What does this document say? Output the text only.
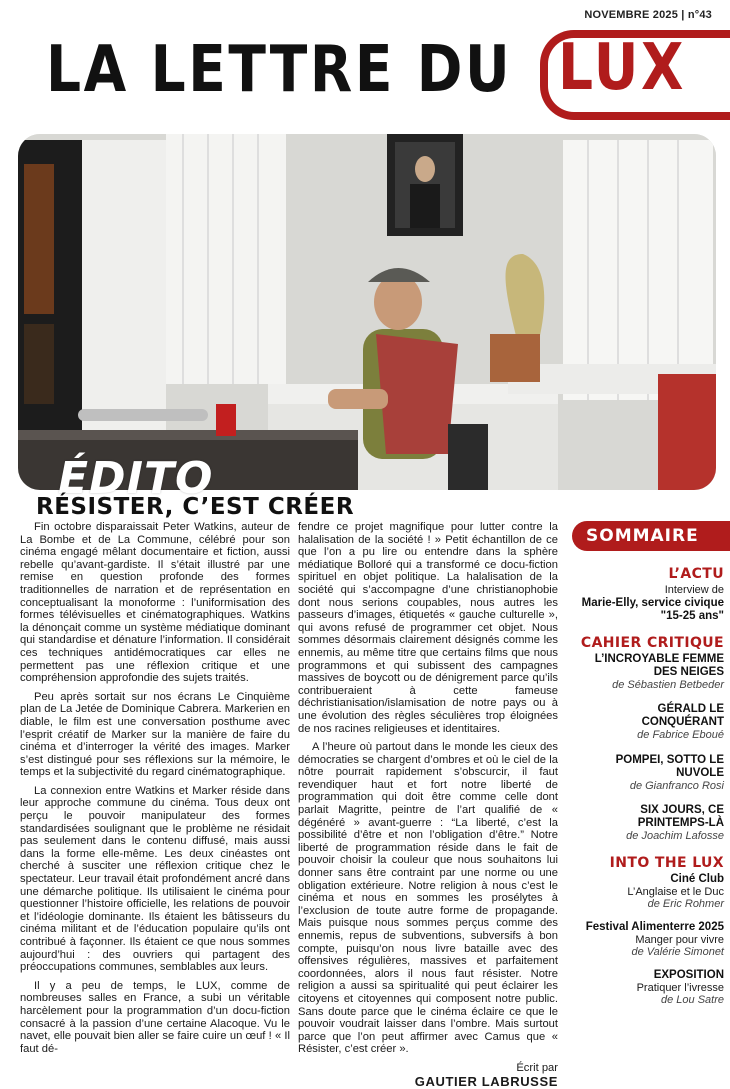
NOVEMBRE 2025 | n°43
LA LETTRE DU LUX
ÉDITO
RÉSISTER, C’EST CRÉER

Fin octobre disparaissait Peter Watkins, auteur de La Bombe et de La Commune, célébré pour son cinéma engagé mêlant documentaire et fiction, aussi rebelle qu’avant-gardiste. Il s’était illustré par une remise en question profonde des formes traditionnelles de narration et de représentation en conceptualisant la monoforme : l’uniformisation des formes télévisuelles et cinématographiques. Watkins la dénonçait comme un système médiatique dominant qui standardise et dénature l’information. Il considérait ces techniques antidémocratiques car elles ne permettent pas une réflexion critique et une compréhension approfondie des sujets traités.

Peu après sortait sur nos écrans Le Cinquième plan de La Jetée de Dominique Cabrera. Markerien en diable, le film est une conversation posthume avec l’esprit créatif de Marker sur la manière de faire du cinéma et d’interroger la vérité des images. Marker s’est distingué pour ses réflexions sur la mémoire, le temps et la subjectivité du regard cinématographique.

La connexion entre Watkins et Marker réside dans leur approche commune du cinéma. Tous deux ont perçu le pouvoir manipulateur des formes standardisées soulignant que le problème ne résidait pas seulement dans le contenu diffusé, mais aussi dans la forme elle-même. Les deux cinéastes ont cherché à susciter une réflexion critique chez le spectateur. Leur travail était profondément ancré dans une démarche politique. Ils utilisaient le cinéma pour questionner l’histoire officielle, les relations de pouvoir et l’idéologie dominante. Ils étaient les bâtisseurs du cinéma militant et de l’éducation populaire qu’ils ont contribué à façonner. Ils étaient ce que nous sommes aujourd’hui : des ouvriers qui partagent des préoccupations communes, semblables aux leurs.

Il y a peu de temps, le LUX, comme de nombreuses salles en France, a subi un véritable harcèlement pour la programmation d’un docu-fiction consacré à la passion d’une certaine Alacoque. Vu le navet, elle pouvait bien aller se faire cuire un œuf ! « Il faut dé-

fendre ce projet magnifique pour lutter contre la halalisation de la société ! » Petit échantillon de ce que l’on a pu lire ou entendre dans la sphère médiatique Bolloré qui a transformé ce docu-fiction spirituel en objet politique. La halalisation de la société qui s’accompagne d’une christianophobie dont nous serions coupables, nous autres les passeurs d’images, étiquetés « gauche culturelle », qui avons refusé de programmer cet objet. Nous sommes désormais clairement désignés comme les ennemis, au même titre que certains films que nous programmons et qui subissent des campagnes massives de boycott ou de dénigrement parce qu’ils contribueraient à cette fameuse déchristianisation/islamisation de notre pays ou à une évolution des règles séculières trop éloignées de nos racines religieuses et identitaires.

A l’heure où partout dans le monde les cieux des démocraties se chargent d’ombres et où le ciel de la nôtre pourrait rapidement s’obscurcir, il faut revendiquer haut et fort notre liberté de programmation qui doit être comme celle dont parlait Magritte, peintre de l’art qualifié de « dégénéré » avant-guerre : “La liberté, c’est la possibilité d’être et non l’obligation d’être.” Notre liberté de programmation réside dans le fait de pouvoir choisir la couleur que nous souhaitons lui donner sans être contraint par une norme ou une obligation extérieure. Notre religion à nous c’est le cinéma et nous en sommes les prosélytes à l’exclusion de toute autre forme de propagande. Mais puisque nous sommes perçus comme des ennemis, repus de subventions, subversifs à bon compte, puisqu’on nous livre bataille avec des offensives régulières, massives et parfaitement coordonnées, alors il nous faut résister. Notre religion a aussi sa spiritualité qui peut éclairer les citoyens et citoyennes qui composent notre public. Sans doute parce que le cinéma éclaire ce que le pouvoir voudrait laisser dans l’ombre. Mais surtout parce que l’on peut affirmer avec Camus que « Résister, c’est créer ».

Écrit par
GAUTIER LABRUSSE
SOMMAIRE
L’ACTU
Interview de
Marie-Elly, service civique
"15-25 ans"
CAHIER CRITIQUE
L’INCROYABLE FEMME DES NEIGES
de Sébastien Betbeder
GÉRALD LE CONQUÉRANT
de Fabrice Eboué
POMPEI, SOTTO LE NUVOLE
de Gianfranco Rosi
SIX JOURS, CE PRINTEMPS-LÀ
de Joachim Lafosse
INTO THE LUX
Ciné Club
L’Anglaise et le Duc
de Eric Rohmer
Festival Alimenterre 2025
Manger pour vivre
de Valérie Simonet
EXPOSITION
Pratiquer l’ivresse
de Lou Satre
